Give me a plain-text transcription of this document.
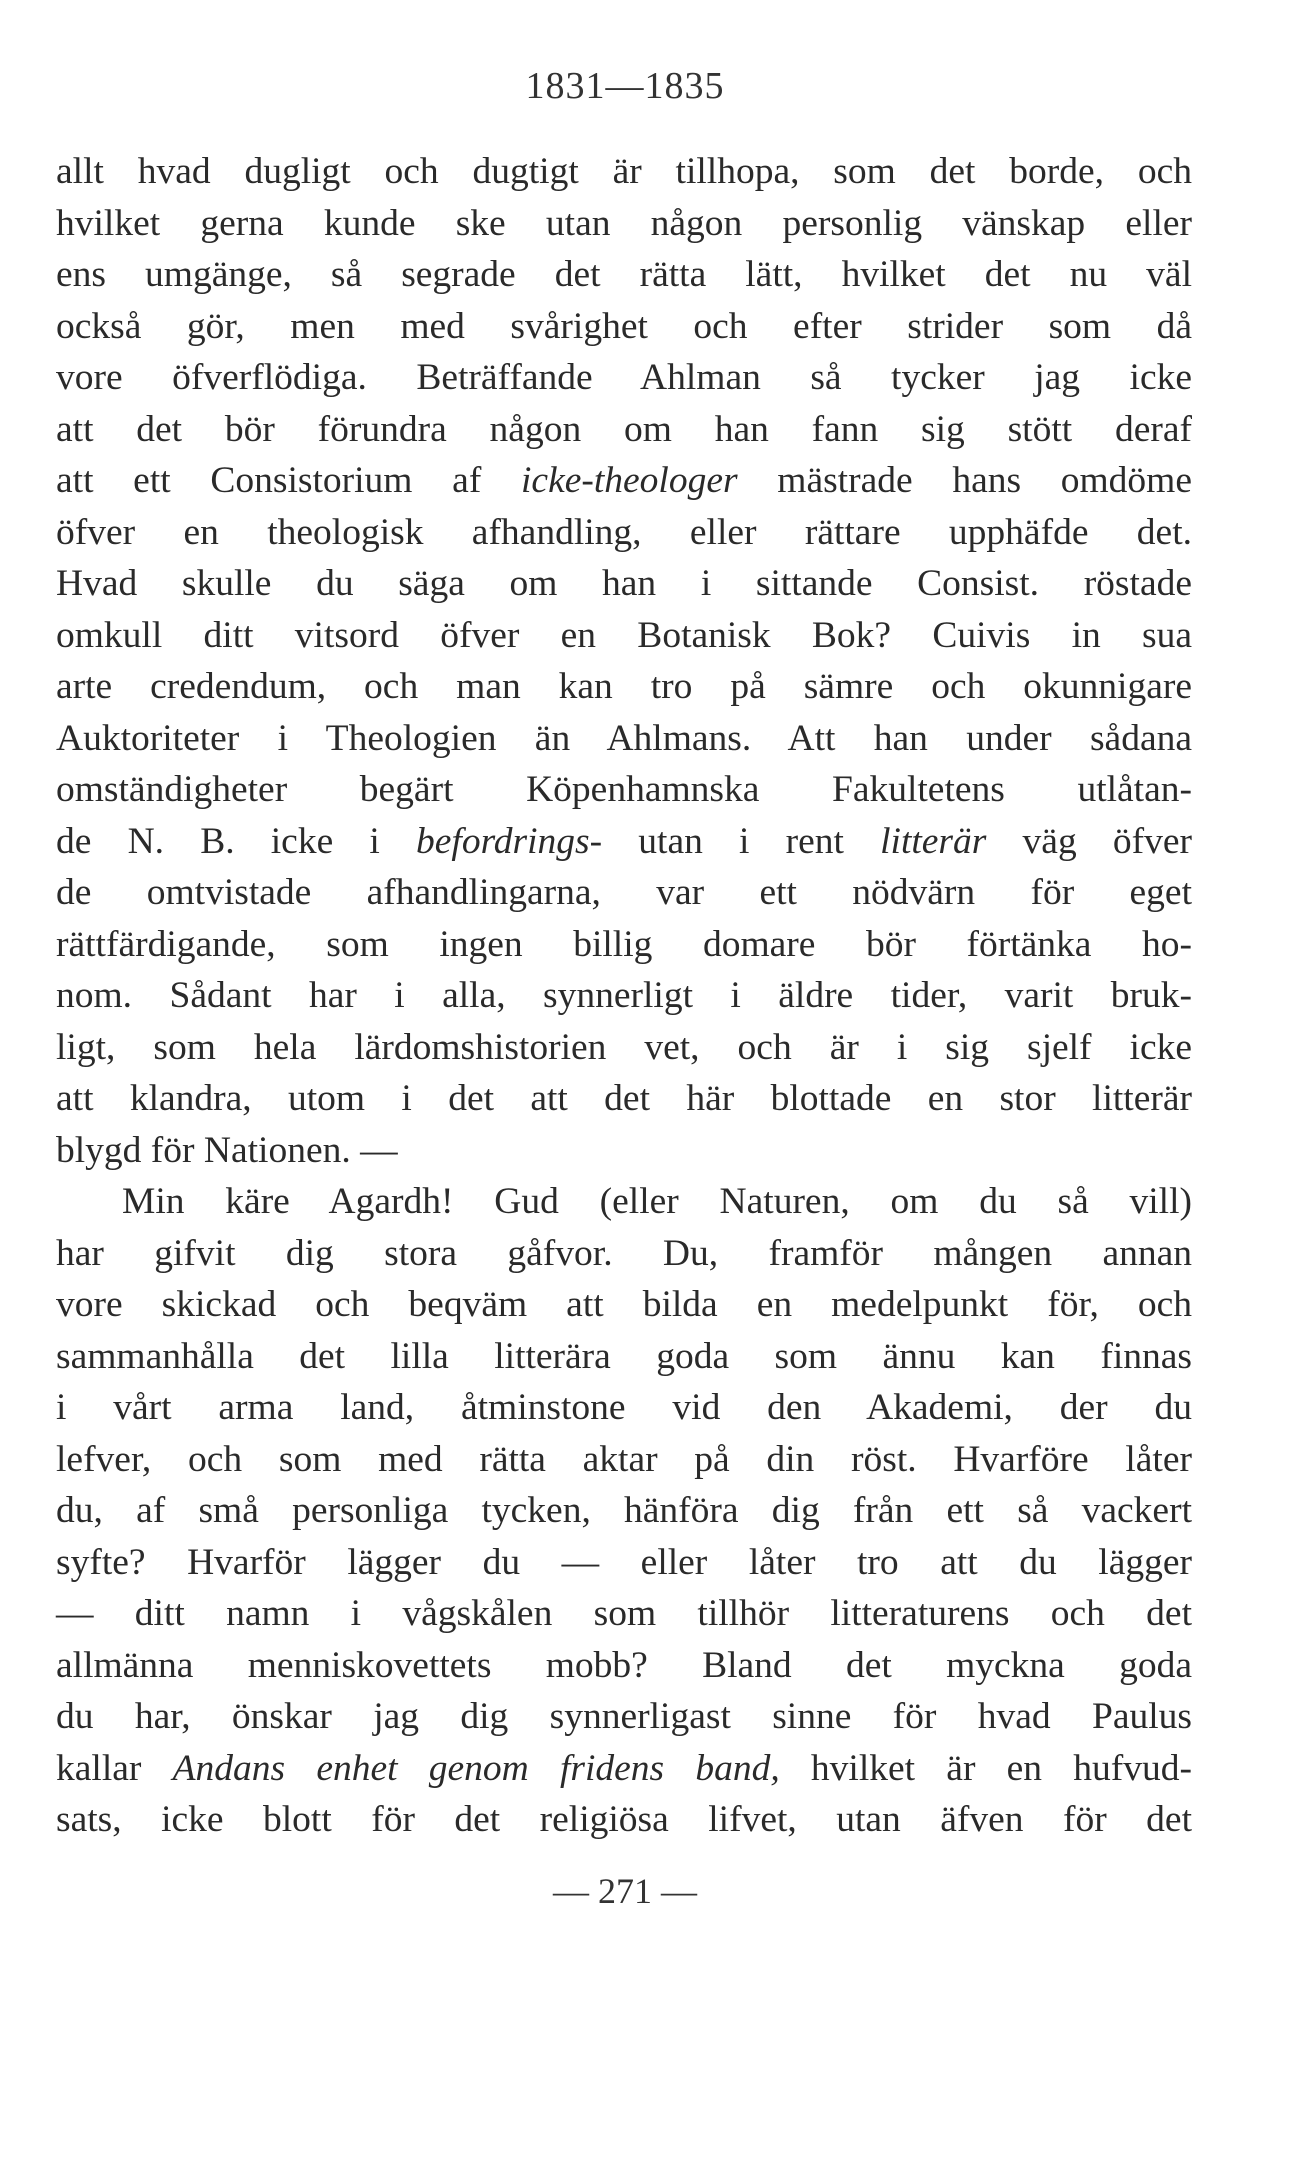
1831—1835
allt hvad dugligt och dugtigt är tillhopa, som det borde, och
hvilket gerna kunde ske utan någon personlig vänskap eller
ens umgänge, så segrade det rätta lätt, hvilket det nu väl
också gör, men med svårighet och efter strider som då
vore öfverflödiga. Beträffande Ahlman så tycker jag icke
att det bör förundra någon om han fann sig stött deraf
att ett Consistorium af icke-theologer mästrade hans omdöme
öfver en theologisk afhandling, eller rättare upphäfde det.
Hvad skulle du säga om han i sittande Consist. röstade
omkull ditt vitsord öfver en Botanisk Bok? Cuivis in sua
arte credendum, och man kan tro på sämre och okunnigare
Auktoriteter i Theologien än Ahlmans. Att han under sådana
omständigheter begärt Köpenhamnska Fakultetens utlåtan-
de N. B. icke i befordrings- utan i rent litterär väg öfver
de omtvistade afhandlingarna, var ett nödvärn för eget
rättfärdigande, som ingen billig domare bör förtänka ho-
nom. Sådant har i alla, synnerligt i äldre tider, varit bruk-
ligt, som hela lärdomshistorien vet, och är i sig sjelf icke
att klandra, utom i det att det här blottade en stor litterär
blygd för Nationen. —
Min käre Agardh! Gud (eller Naturen, om du så vill)
har gifvit dig stora gåfvor. Du, framför mången annan
vore skickad och beqväm att bilda en medelpunkt för, och
sammanhålla det lilla litterära goda som ännu kan finnas
i vårt arma land, åtminstone vid den Akademi, der du
lefver, och som med rätta aktar på din röst. Hvarföre låter
du, af små personliga tycken, hänföra dig från ett så vackert
syfte? Hvarför lägger du — eller låter tro att du lägger
— ditt namn i vågskålen som tillhör litteraturens och det
allmänna menniskovettets mobb? Bland det myckna goda
du har, önskar jag dig synnerligast sinne för hvad Paulus
kallar Andans enhet genom fridens band, hvilket är en hufvud-
sats, icke blott för det religiösa lifvet, utan äfven för det
— 271 —
